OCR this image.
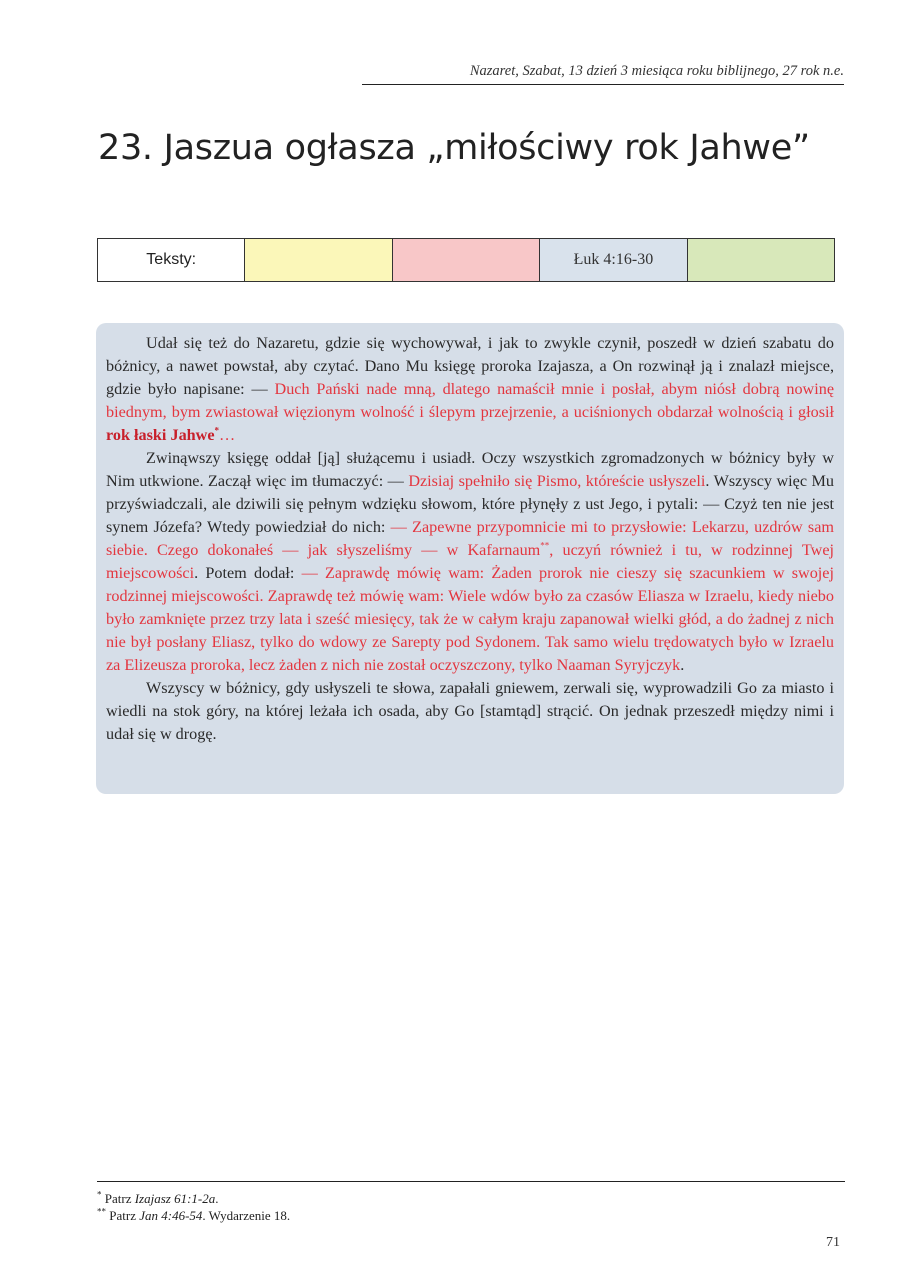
Nazaret, Szabat, 13 dzień 3 miesiąca roku biblijnego, 27 rok n.e.
23. Jaszua ogłasza „miłościwy rok Jahwe”
Teksty:	Łuk 4:16-30

Udał się też do Nazaretu, gdzie się wychowywał, i jak to zwykle czynił, poszedł w dzień szabatu do bóżnicy, a nawet powstał, aby czytać. Dano Mu księgę proroka Izajasza, a On rozwinął ją i znalazł miejsce, gdzie było napisane: — Duch Pański nade mną, dlatego namaścił mnie i posłał, abym niósł dobrą nowinę biednym, bym zwiastował więzionym wolność i ślepym przejrzenie, a uciśnionych obdarzał wolnością i głosił rok łaski Jahwe*…

Zwinąwszy księgę oddał [ją] służącemu i usiadł. Oczy wszystkich zgromadzonych w bóżnicy były w Nim utkwione. Zaczął więc im tłumaczyć: — Dzisiaj spełniło się Pismo, któreście usłyszeli. Wszyscy więc Mu przyświadczali, ale dziwili się pełnym wdzięku słowom, które płynęły z ust Jego, i pytali: — Czyż ten nie jest synem Józefa? Wtedy powiedział do nich: — Zapewne przypomnicie mi to przysłowie: Lekarzu, uzdrów sam siebie. Czego dokonałeś — jak słyszeliśmy — w Kafarnaum**, uczyń również i tu, w rodzinnej Twej miejscowości. Potem dodał: — Zaprawdę mówię wam: Żaden prorok nie cieszy się szacunkiem w swojej rodzinnej miejscowości. Zaprawdę też mówię wam: Wiele wdów było za czasów Eliasza w Izraelu, kiedy niebo było zamknięte przez trzy lata i sześć miesięcy, tak że w całym kraju zapanował wielki głód, a do żadnej z nich nie był posłany Eliasz, tylko do wdowy ze Sarepty pod Sydonem. Tak samo wielu trędowatych było w Izraelu za Elizeusza proroka, lecz żaden z nich nie został oczyszczony, tylko Naaman Syryjczyk.

Wszyscy w bóżnicy, gdy usłyszeli te słowa, zapałali gniewem, zerwali się, wyprowadzili Go za miasto i wiedli na stok góry, na której leżała ich osada, aby Go [stamtąd] strącić. On jednak przeszedł między nimi i udał się w drogę.

* Patrz Izajasz 61:1-2a.
** Patrz Jan 4:46-54. Wydarzenie 18.
71
